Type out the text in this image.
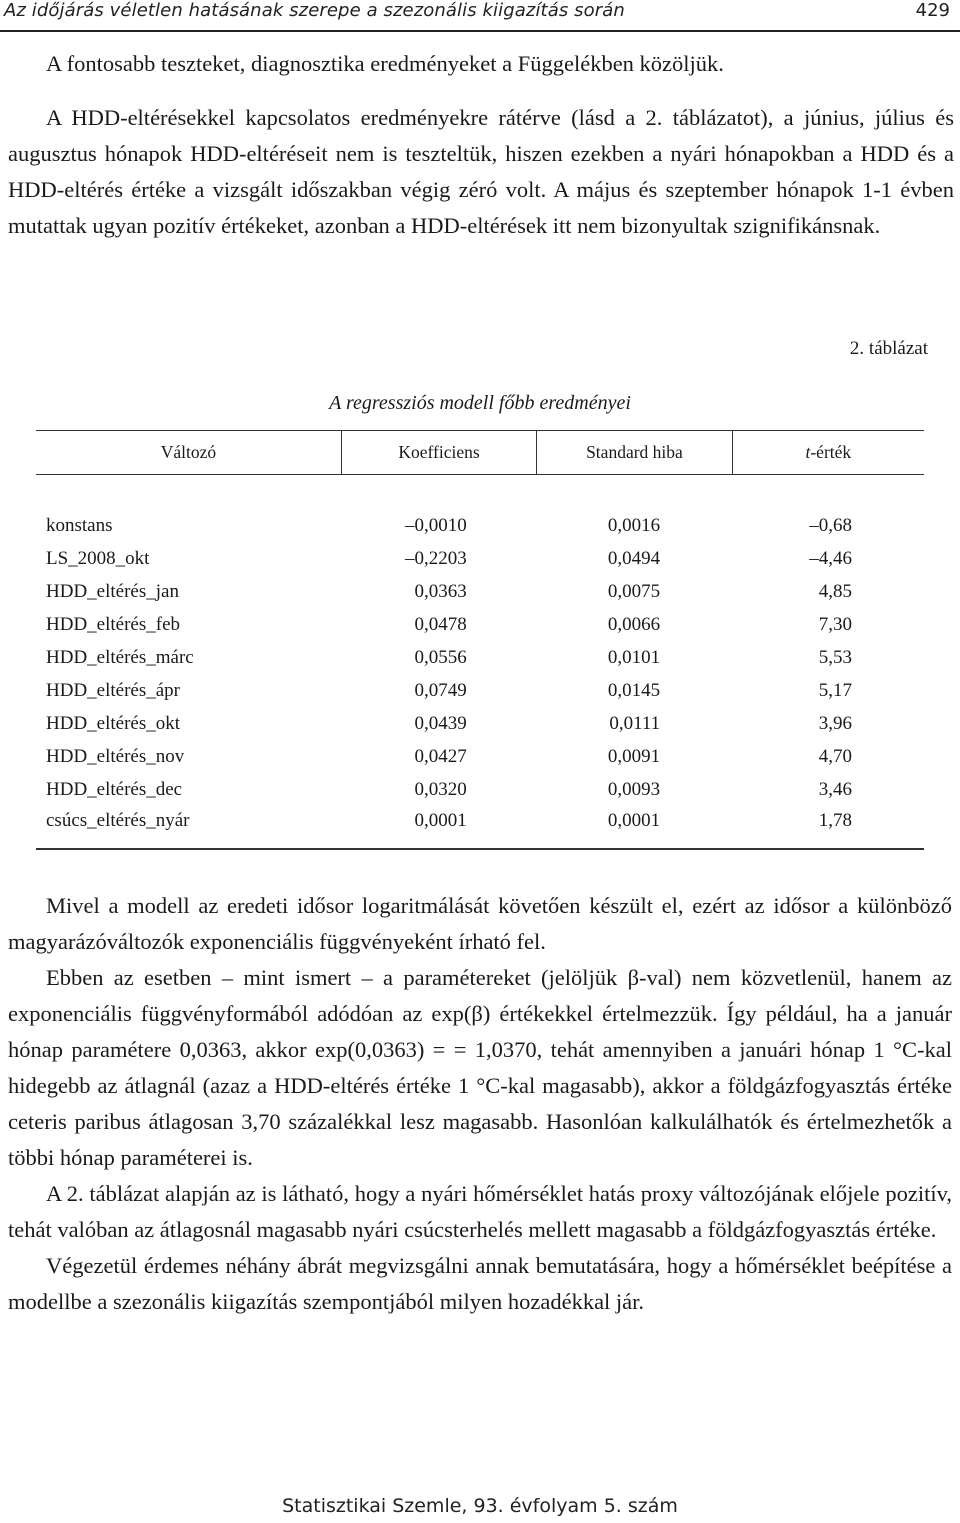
Az időjárás véletlen hatásának szerepe a szezonális kiigazítás során	429
A fontosabb teszteket, diagnosztika eredményeket a Függelékben közöljük.
A HDD-eltérésekkel kapcsolatos eredményekre rátérve (lásd a 2. táblázatot), a június, július és augusztus hónapok HDD-eltéréseit nem is teszteltük, hiszen ezekben a nyári hónapokban a HDD és a HDD-eltérés értéke a vizsgált időszakban végig zéró volt. A május és szeptember hónapok 1-1 évben mutattak ugyan pozitív értékeket, azonban a HDD-eltérések itt nem bizonyultak szignifikánsnak.
2. táblázat
A regressziós modell főbb eredményei
Változó	Koefficiens	Standard hiba	t-érték

konstans	–0,0010	0,0016	–0,68
LS_2008_okt	–0,2203	0,0494	–4,46
HDD_eltérés_jan	0,0363	0,0075	4,85
HDD_eltérés_feb	0,0478	0,0066	7,30
HDD_eltérés_márc	0,0556	0,0101	5,53
HDD_eltérés_ápr	0,0749	0,0145	5,17
HDD_eltérés_okt	0,0439	0,0111	3,96
HDD_eltérés_nov	0,0427	0,0091	4,70
HDD_eltérés_dec	0,0320	0,0093	3,46
csúcs_eltérés_nyár	0,0001	0,0001	1,78
Mivel a modell az eredeti idősor logaritmálását követően készült el, ezért az idősor a különböző magyarázóváltozók exponenciális függvényeként írható fel.
Ebben az esetben – mint ismert – a paramétereket (jelöljük β-val) nem közvetlenül, hanem az exponenciális függvényformából adódóan az exp(β) értékekkel értelmezzük. Így például, ha a január hónap paramétere 0,0363, akkor exp(0,0363) = = 1,0370, tehát amennyiben a januári hónap 1 °C-kal hidegebb az átlagnál (azaz a HDD-eltérés értéke 1 °C-kal magasabb), akkor a földgázfogyasztás értéke ceteris paribus átlagosan 3,70 százalékkal lesz magasabb. Hasonlóan kalkulálhatók és értelmezhetők a többi hónap paraméterei is.
A 2. táblázat alapján az is látható, hogy a nyári hőmérséklet hatás proxy változójának előjele pozitív, tehát valóban az átlagosnál magasabb nyári csúcsterhelés mellett magasabb a földgázfogyasztás értéke.
Végezetül érdemes néhány ábrát megvizsgálni annak bemutatására, hogy a hőmérséklet beépítése a modellbe a szezonális kiigazítás szempontjából milyen hozadékkal jár.
Statisztikai Szemle, 93. évfolyam 5. szám
